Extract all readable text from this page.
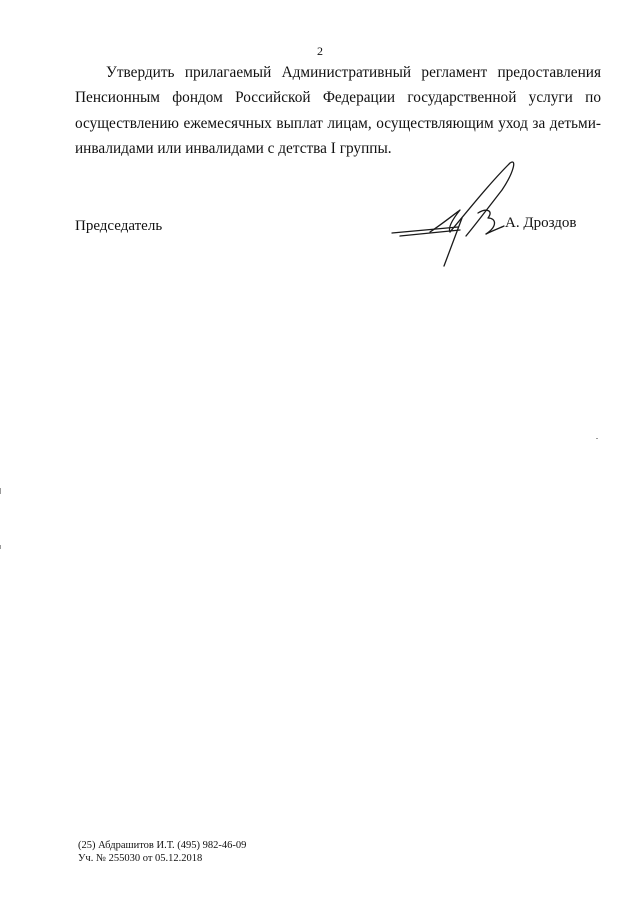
2

Утвердить прилагаемый Административный регламент предоставления Пенсионным фондом Российской Федерации государственной услуги по осуществлению ежемесячных выплат лицам, осуществляющим уход за детьми-инвалидами или инвалидами с детства I группы.

Председатель	А. Дроздов
(25) Абдрашитов И.Т. (495) 982-46-09
Уч. № 255030 от 05.12.2018
